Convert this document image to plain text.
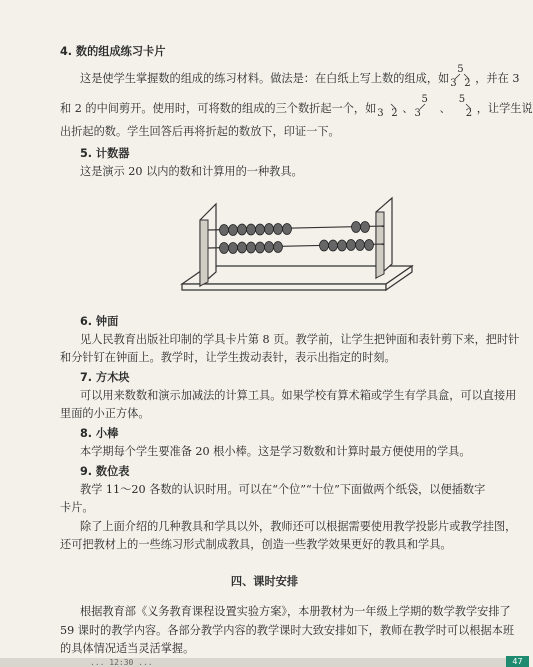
4. 数的组成练习卡片
这是使学生掌握数的组成的练习材料。做法是：在白纸上写上数的组成，如
5
3 2 ，并在 3
和 2 的中间剪开。使用时，可将数的组成的三个数折起一个，如 3 2 、
5
3 、
5
2 ，让学生说
出折起的数。学生回答后再将折起的数放下，印证一下。
5. 计数器
这是演示 20 以内的数和计算用的一种教具。
6. 钟面
见人民教育出版社印制的学具卡片第 8 页。教学前，让学生把钟面和表针剪下来，把时针
和分针钉在钟面上。教学时，让学生拨动表针，表示出指定的时刻。
7. 方木块
可以用来数数和演示加减法的计算工具。如果学校有算术箱或学生有学具盒，可以直接用
里面的小正方体。
8. 小棒
本学期每个学生要准备 20 根小棒。这是学习数数和计算时最方便使用的学具。
9. 数位表
教学 11～20 各数的认识时用。可以在“个位”“十位”下面做两个纸袋，以便插数字
卡片。
除了上面介绍的几种教具和学具以外，教师还可以根据需要使用教学投影片或教学挂图，
还可把教材上的一些练习形式制成教具，创造一些教学效果更好的教具和学具。
四、课时安排
根据教育部《义务教育课程设置实验方案》，本册教材为一年级上学期的数学教学安排了
59 课时的教学内容。各部分教学内容的教学课时大致安排如下，教师在教学时可以根据本班
的具体情况适当灵活掌握。
... 12:30 ...	47
